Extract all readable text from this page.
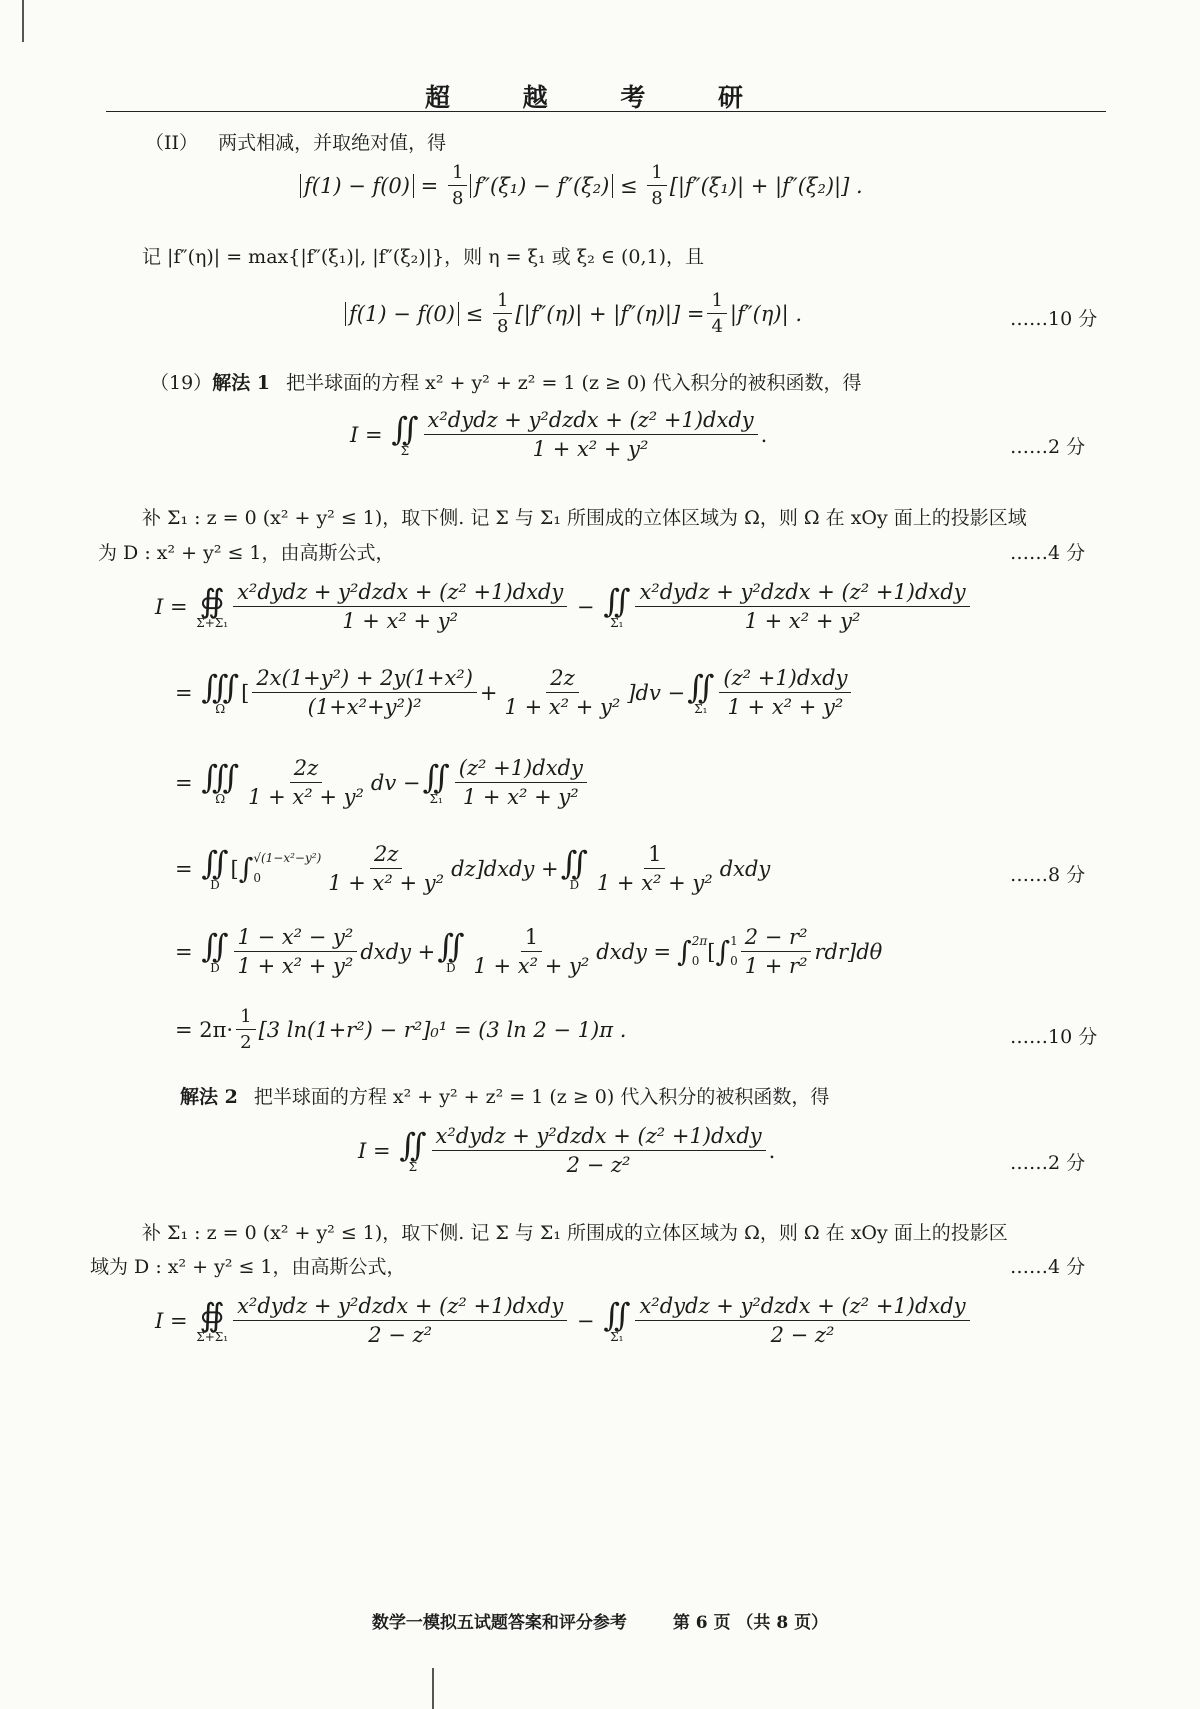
超 越 考 研
（II） 两式相减，并取绝对值，得
$f(1) - f(0) = \frac{1}{8} f''(\xi_1) - f''(\xi_2) \le \frac{1}{8} [|f''(\xi_1)| + |f''(\xi_2)|]$ .
记 |f″(η)| = max{|f″(ξ₁)|, |f″(ξ₂)|}，则 η = ξ₁ 或 ξ₂ ∈ (0,1)，且
$f(1) - f(0) \le \frac{1}{8} [|f''(\eta)| + |f''(\eta)|] = \frac{1}{4} |f''(\eta)|$ .	……10 分
（19）解法 1 把半球面的方程 x² + y² + z² = 1 (z ≥ 0) 代入积分的被积函数，得
I = ∬
Σ $\frac{\text{x²dydz + y²dzdx + (z² +1)dxdy}}{\text{1 + x² + y²}}$ .
……2 分
补 Σ₁ : z = 0 (x² + y² ≤ 1)，取下侧. 记 Σ 与 Σ₁ 所围成的立体区域为 Ω，则 Ω 在 xOy 面上的投影区域
为 D : x² + y² ≤ 1，由高斯公式，	……4 分
I = ∯
$\Sigma+\Sigma_1 \frac{\text{x²dydz + y²dzdx + (z² +1)dxdy}}{\text{1 + x² + y²}}$ − ∬
$\Sigma_1 \frac{\text{x²dydz + y²dzdx + (z² +1)dxdy}}{\text{1 + x² + y²}}$
= ∭
Ω
[ $\frac{\text{2x(1+y²) + 2y(1+x²)}}{\text{(1+x²+y²)²}} + \frac{2z}{\text{1 + x² + y²}} ]dv$ − ∬
$\Sigma_1 \frac{\text{(z² +1)dxdy}}{\text{1 + x² + y²}}$
= ∭
Ω $\frac{2z}{\text{1 + x² + y²}}$ dv − ∬
$\Sigma_1 \frac{\text{(z² +1)dxdy}}{\text{1 + x² + y²}}$
= ∬
D
[ ∫ √(1−x²−y²)
0	$\frac{2z}{\text{1 + x² + y²}}$ dz]dxdy + ∬
D $\frac{1}{\text{1 + x² + y²}}$ dxdy	……8 分
= ∬
D $\frac{\text{1 − x² − y²}}{\text{1 + x² + y²}}$ dxdy + ∬
D $\frac{1}{\text{1 + x² + y²}}$ dxdy = ∫ 2π
0 [ ∫ 1
$0 \frac{\text{2 − r²}}{\text{1 + r²}} rdr]d\theta$
= $2\pi\cdot \frac{1}{2} [3$ ln(1+r²) − r²]₀¹ = (3 ln 2 − 1)π .	……10 分
解法 2 把半球面的方程 x² + y² + z² = 1 (z ≥ 0) 代入积分的被积函数，得
I = ∬
Σ $\frac{\text{x²dydz + y²dzdx + (z² +1)dxdy}}{\text{2 − z²}}$ .
……2 分
补 Σ₁ : z = 0 (x² + y² ≤ 1)，取下侧. 记 Σ 与 Σ₁ 所围成的立体区域为 Ω，则 Ω 在 xOy 面上的投影区
域为 D : x² + y² ≤ 1，由高斯公式，	……4 分
I = ∯
$\Sigma+\Sigma_1 \frac{\text{x²dydz + y²dzdx + (z² +1)dxdy}}{\text{2 − z²}}$ − ∬
$\Sigma_1 \frac{\text{x²dydz + y²dzdx + (z² +1)dxdy}}{\text{2 − z²}}$
数学一模拟五试题答案和评分参考	第 6 页 （共 8 页）
